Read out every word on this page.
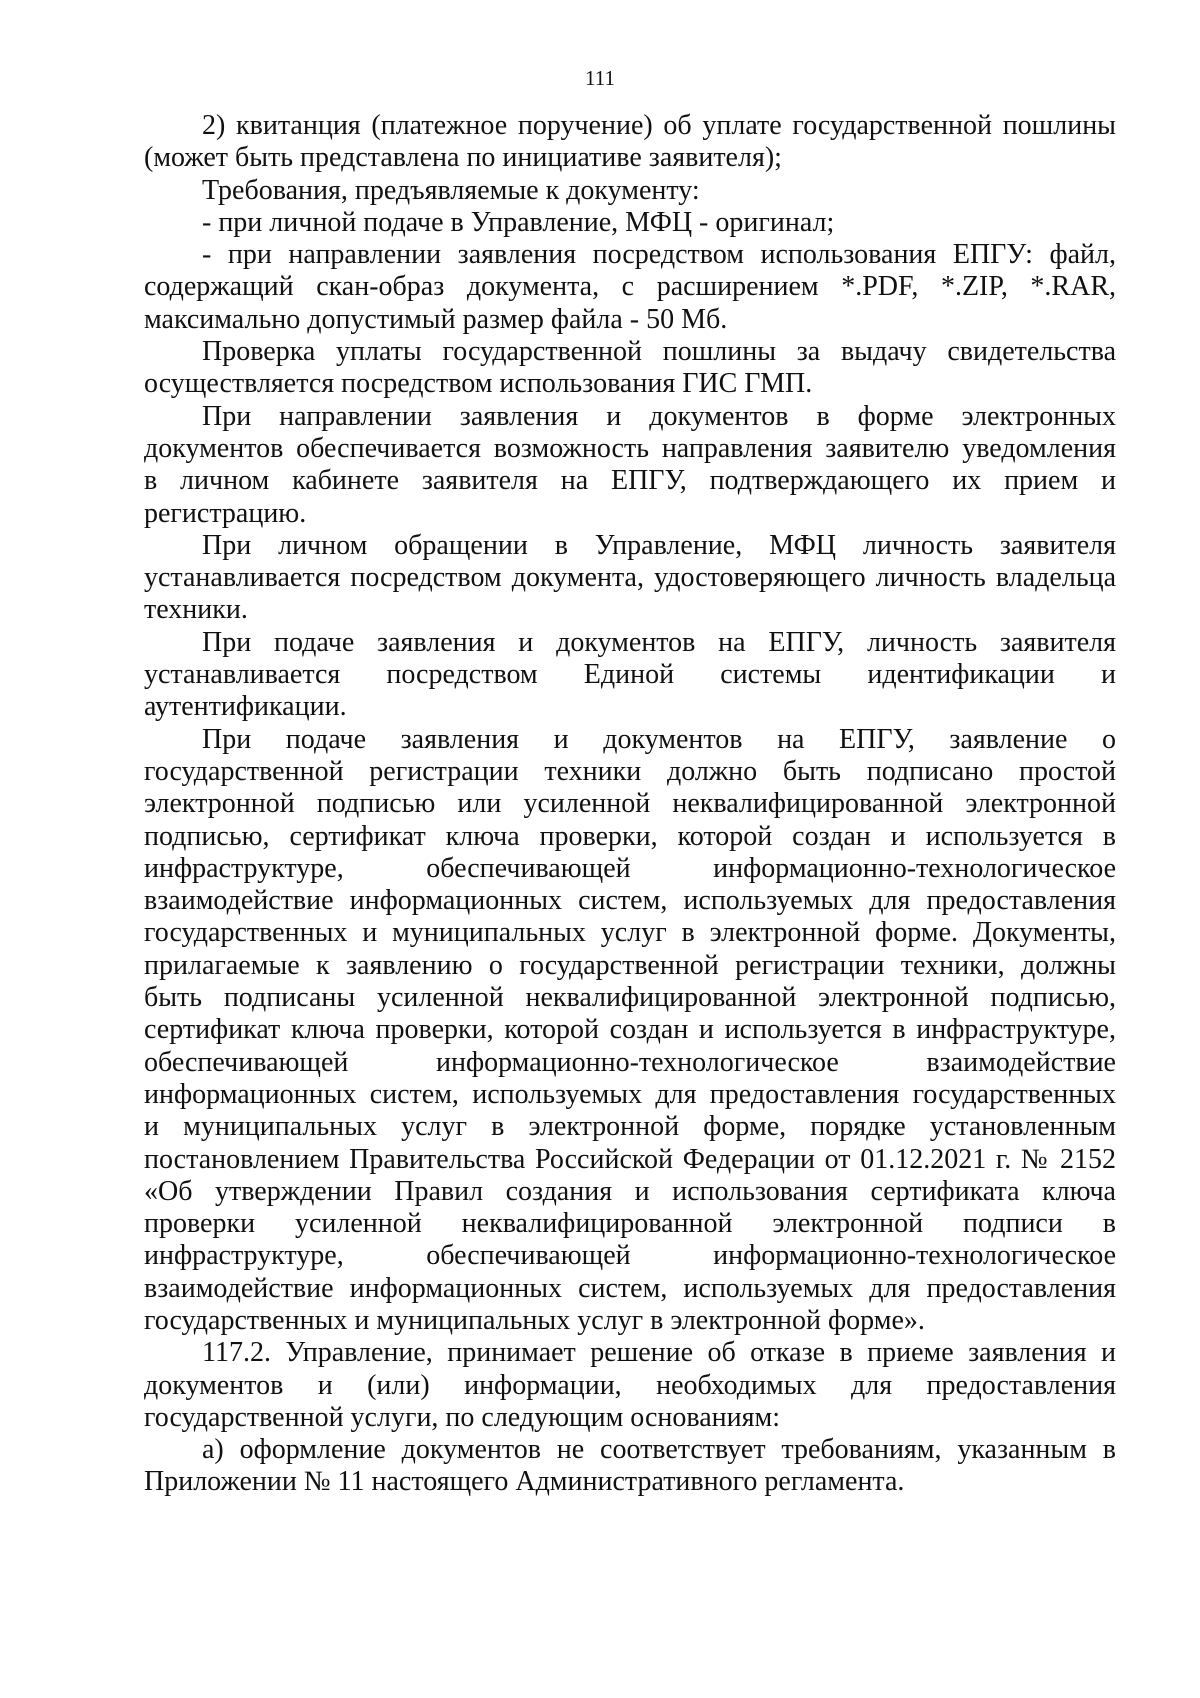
111
2) квитанция (платежное поручение) об уплате государственной пошлины
(может быть представлена по инициативе заявителя);
Требования, предъявляемые к документу:
- при личной подаче в Управление, МФЦ - оригинал;
- при направлении заявления посредством использования ЕПГУ: файл,
содержащий скан-образ документа, с расширением *.PDF, *.ZIP, *.RAR,
максимально допустимый размер файла - 50 Мб.
Проверка уплаты государственной пошлины за выдачу свидетельства
осуществляется посредством использования ГИС ГМП.
При направлении заявления и документов в форме электронных
документов обеспечивается возможность направления заявителю уведомления
в личном кабинете заявителя на ЕПГУ, подтверждающего их прием и
регистрацию.
При личном обращении в Управление, МФЦ личность заявителя
устанавливается посредством документа, удостоверяющего личность владельца
техники.
При подаче заявления и документов на ЕПГУ, личность заявителя
устанавливается посредством Единой системы идентификации и
аутентификации.
При подаче заявления и документов на ЕПГУ, заявление о
государственной регистрации техники должно быть подписано простой
электронной подписью или усиленной неквалифицированной электронной
подписью, сертификат ключа проверки, которой создан и используется в
инфраструктуре, обеспечивающей информационно-технологическое
взаимодействие информационных систем, используемых для предоставления
государственных и муниципальных услуг в электронной форме. Документы,
прилагаемые к заявлению о государственной регистрации техники, должны
быть подписаны усиленной неквалифицированной электронной подписью,
сертификат ключа проверки, которой создан и используется в инфраструктуре,
обеспечивающей информационно-технологическое взаимодействие
информационных систем, используемых для предоставления государственных
и муниципальных услуг в электронной форме, порядке установленным
постановлением Правительства Российской Федерации от 01.12.2021 г. № 2152
«Об утверждении Правил создания и использования сертификата ключа
проверки усиленной неквалифицированной электронной подписи в
инфраструктуре, обеспечивающей информационно-технологическое
взаимодействие информационных систем, используемых для предоставления
государственных и муниципальных услуг в электронной форме».
117.2. Управление, принимает решение об отказе в приеме заявления и
документов и (или) информации, необходимых для предоставления
государственной услуги, по следующим основаниям:
а) оформление документов не соответствует требованиям, указанным в
Приложении № 11 настоящего Административного регламента.
